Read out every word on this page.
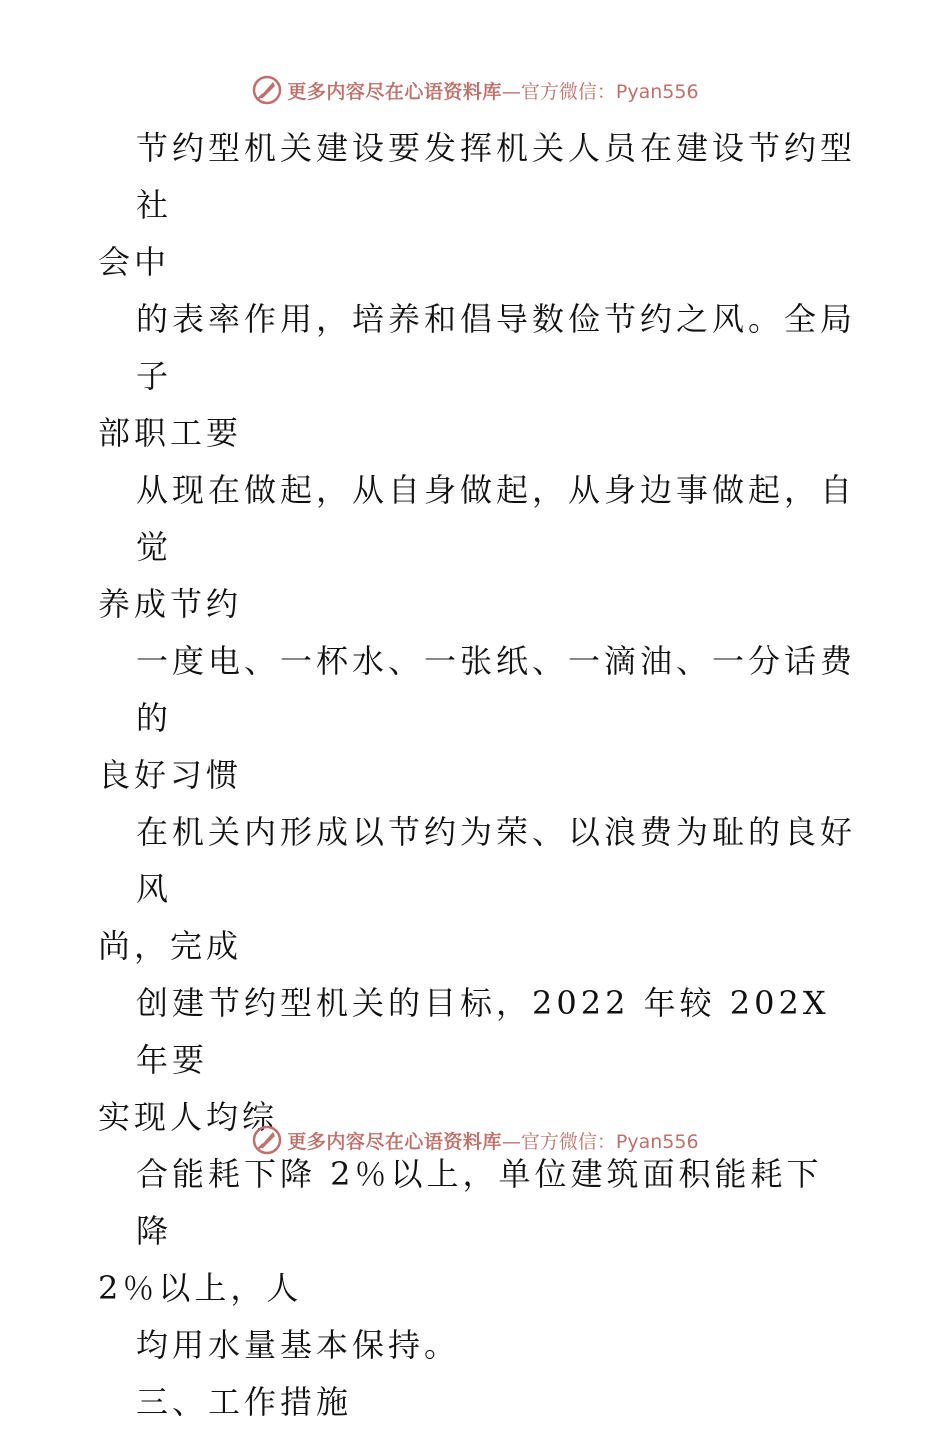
更多内容尽在心语资料库 —官方微信：Pyan556

节约型机关建设要发挥机关人员在建设节约型社

会中

的表率作用，培养和倡导数俭节约之风。全局子

部职工要

从现在做起，从自身做起，从身边事做起，自觉

养成节约

一度电、一杯水、一张纸、一滴油、一分话费的

良好习惯

在机关内形成以节约为荣、以浪费为耻的良好风

尚，完成

创建节约型机关的目标，2022 年较 202X 年要

实现人均综

合能耗下降 2％以上，单位建筑面积能耗下降

2％以上，人

均用水量基本保持。

三、工作措施

更多内容尽在心语资料库 —官方微信：Pyan556
